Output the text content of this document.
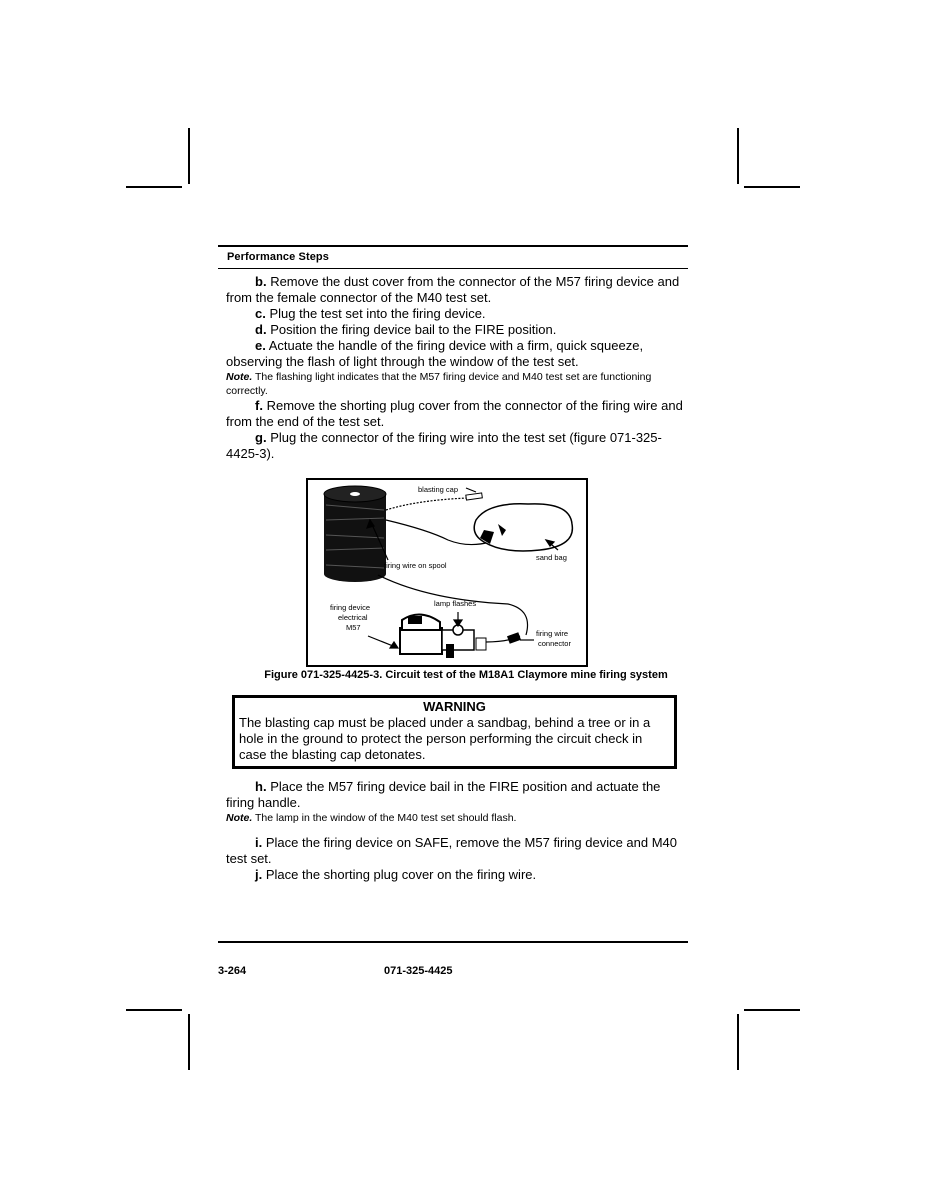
Performance Steps

b. Remove the dust cover from the connector of the M57 firing device and from the female connector of the M40 test set.

c. Plug the test set into the firing device.

d. Position the firing device bail to the FIRE position.

e. Actuate the handle of the firing device with a firm, quick squeeze, observing the flash of light through the window of the test set.

Note. The flashing light indicates that the M57 firing device and M40 test set are functioning correctly.

f. Remove the shorting plug cover from the connector of the firing wire and from the end of the test set.

g. Plug the connector of the firing wire into the test set (figure 071-325-4425-3).

blasting cap
sand bag
firing wire on spool
lamp flashes
firing device
electrical
M57
firing wire
connector

Figure 071-325-4425-3. Circuit test of the M18A1 Claymore mine firing system

WARNING
The blasting cap must be placed under a sandbag, behind a tree or in a hole in the ground to protect the person performing the circuit check in case the blasting cap detonates.

h. Place the M57 firing device bail in the FIRE position and actuate the firing handle.

Note. The lamp in the window of the M40 test set should flash.

i. Place the firing device on SAFE, remove the M57 firing device and M40 test set.

j. Place the shorting plug cover on the firing wire.

3-264	071-325-4425
